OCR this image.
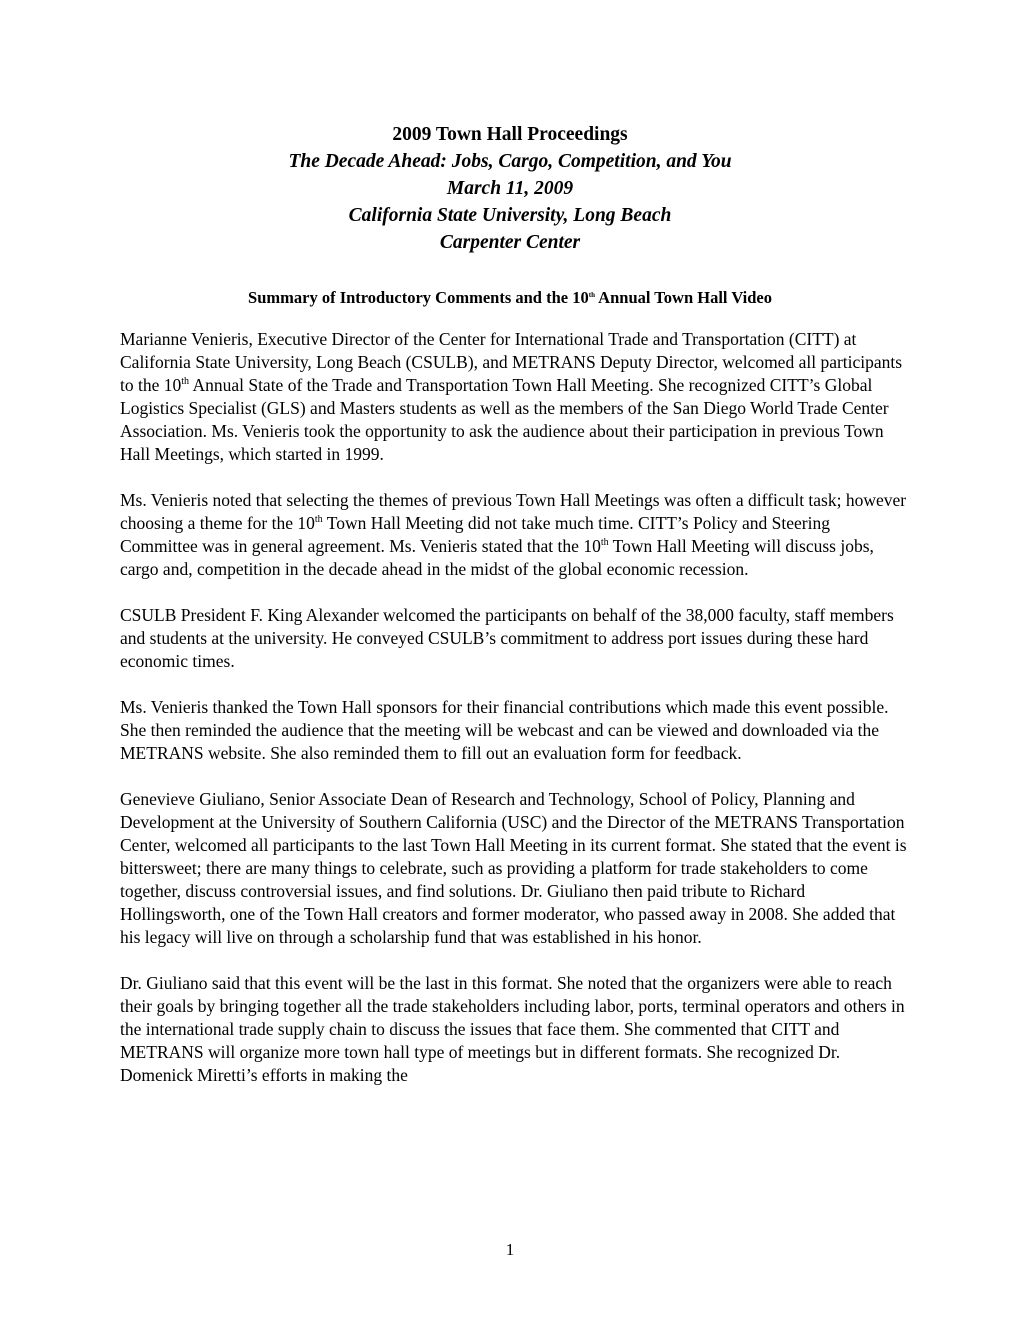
2009 Town Hall Proceedings
The Decade Ahead: Jobs, Cargo, Competition, and You
March 11, 2009
California State University, Long Beach
Carpenter Center
Summary of Introductory Comments and the 10th Annual Town Hall Video

Marianne Venieris, Executive Director of the Center for International Trade and Transportation (CITT) at California State University, Long Beach (CSULB), and METRANS Deputy Director, welcomed all participants to the 10th Annual State of the Trade and Transportation Town Hall Meeting. She recognized CITT’s Global Logistics Specialist (GLS) and Masters students as well as the members of the San Diego World Trade Center Association. Ms. Venieris took the opportunity to ask the audience about their participation in previous Town Hall Meetings, which started in 1999.

Ms. Venieris noted that selecting the themes of previous Town Hall Meetings was often a difficult task; however choosing a theme for the 10th Town Hall Meeting did not take much time. CITT’s Policy and Steering Committee was in general agreement. Ms. Venieris stated that the 10th Town Hall Meeting will discuss jobs, cargo and, competition in the decade ahead in the midst of the global economic recession.

CSULB President F. King Alexander welcomed the participants on behalf of the 38,000 faculty, staff members and students at the university. He conveyed CSULB’s commitment to address port issues during these hard economic times.

Ms. Venieris thanked the Town Hall sponsors for their financial contributions which made this event possible. She then reminded the audience that the meeting will be webcast and can be viewed and downloaded via the METRANS website. She also reminded them to fill out an evaluation form for feedback.

Genevieve Giuliano, Senior Associate Dean of Research and Technology, School of Policy, Planning and Development at the University of Southern California (USC) and the Director of the METRANS Transportation Center, welcomed all participants to the last Town Hall Meeting in its current format. She stated that the event is bittersweet; there are many things to celebrate, such as providing a platform for trade stakeholders to come together, discuss controversial issues, and find solutions. Dr. Giuliano then paid tribute to Richard Hollingsworth, one of the Town Hall creators and former moderator, who passed away in 2008. She added that his legacy will live on through a scholarship fund that was established in his honor.

Dr. Giuliano said that this event will be the last in this format. She noted that the organizers were able to reach their goals by bringing together all the trade stakeholders including labor, ports, terminal operators and others in the international trade supply chain to discuss the issues that face them. She commented that CITT and METRANS will organize more town hall type of meetings but in different formats. She recognized Dr. Domenick Miretti’s efforts in making the

1
